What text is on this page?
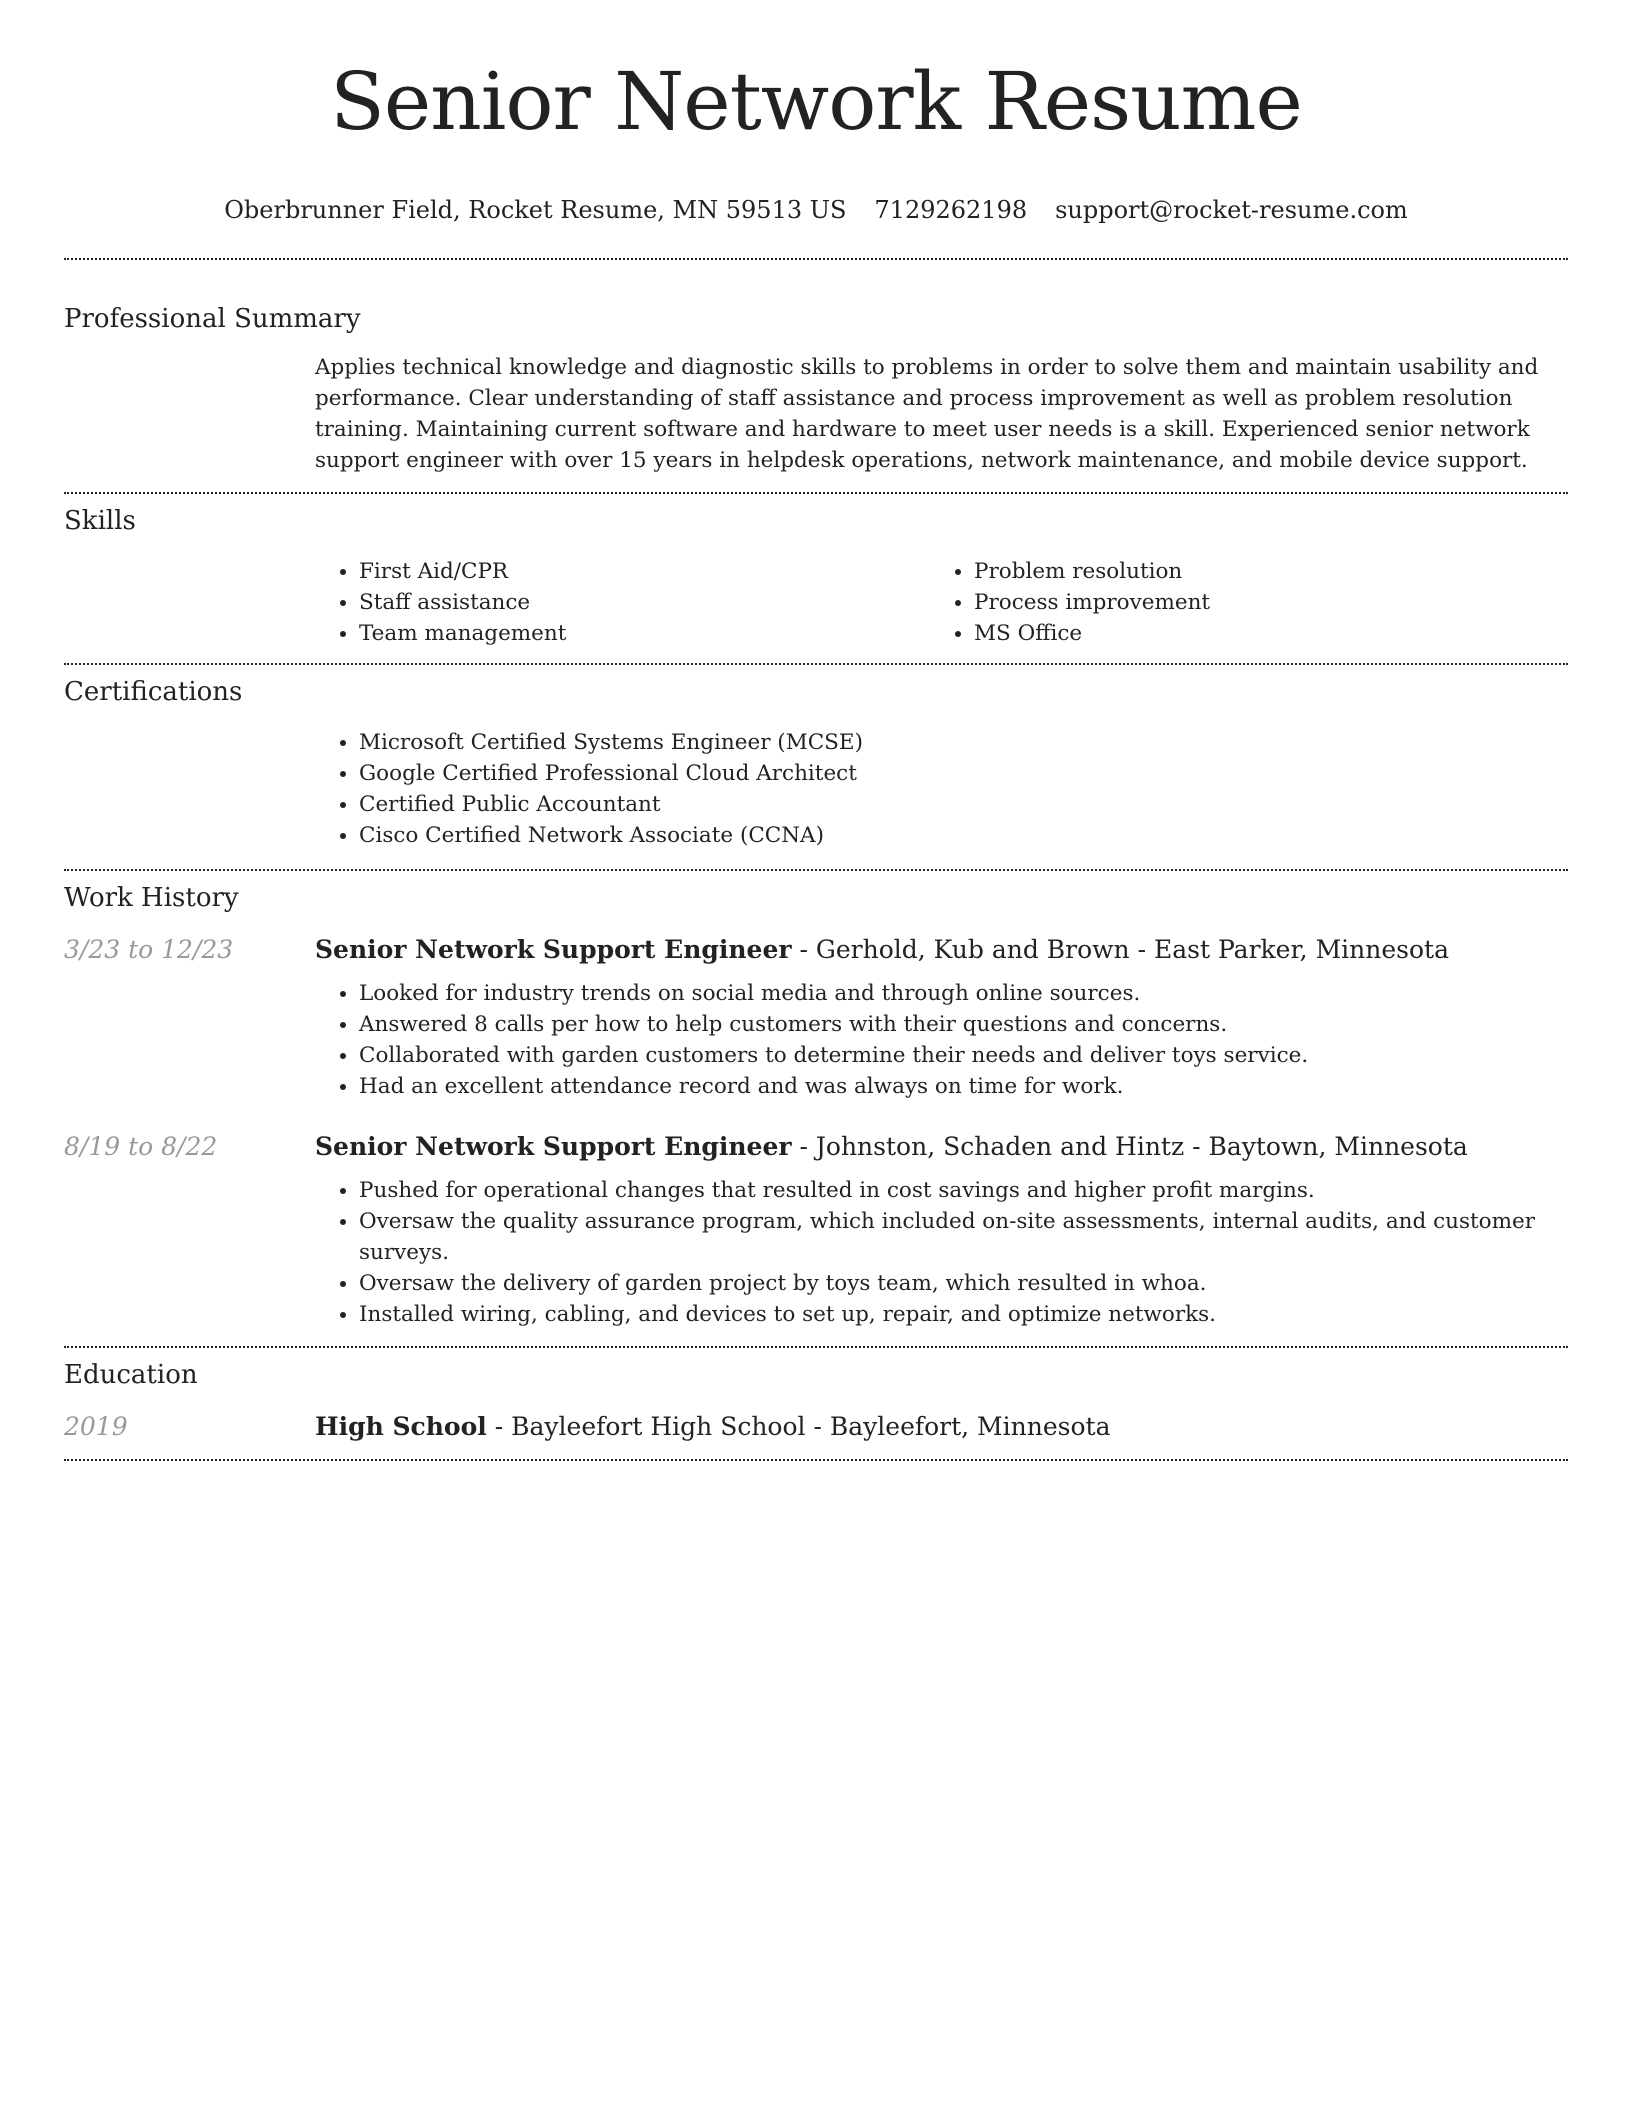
Senior Network Resume
Oberbrunner Field, Rocket Resume, MN 59513 US 7129262198 support@rocket-resume.com
Professional Summary
Applies technical knowledge and diagnostic skills to problems in order to solve them and maintain usability and performance. Clear understanding of staff assistance and process improvement as well as problem resolution training. Maintaining current software and hardware to meet user needs is a skill. Experienced senior network support engineer with over 15 years in helpdesk operations, network maintenance, and mobile device support.
Skills
• First Aid/CPR
• Staff assistance
• Team management
• Problem resolution
• Process improvement
• MS Office
Certifications
• Microsoft Certified Systems Engineer (MCSE)
• Google Certified Professional Cloud Architect
• Certified Public Accountant
• Cisco Certified Network Associate (CCNA)
Work History
3/23 to 12/23	Senior Network Support Engineer - Gerhold, Kub and Brown - East Parker, Minnesota
• Looked for industry trends on social media and through online sources.
• Answered 8 calls per how to help customers with their questions and concerns.
• Collaborated with garden customers to determine their needs and deliver toys service.
• Had an excellent attendance record and was always on time for work.
8/19 to 8/22	Senior Network Support Engineer - Johnston, Schaden and Hintz - Baytown, Minnesota
• Pushed for operational changes that resulted in cost savings and higher profit margins.
• Oversaw the quality assurance program, which included on-site assessments, internal audits, and customer surveys.
• Oversaw the delivery of garden project by toys team, which resulted in whoa.
• Installed wiring, cabling, and devices to set up, repair, and optimize networks.
Education
2019	High School - Bayleefort High School - Bayleefort, Minnesota
